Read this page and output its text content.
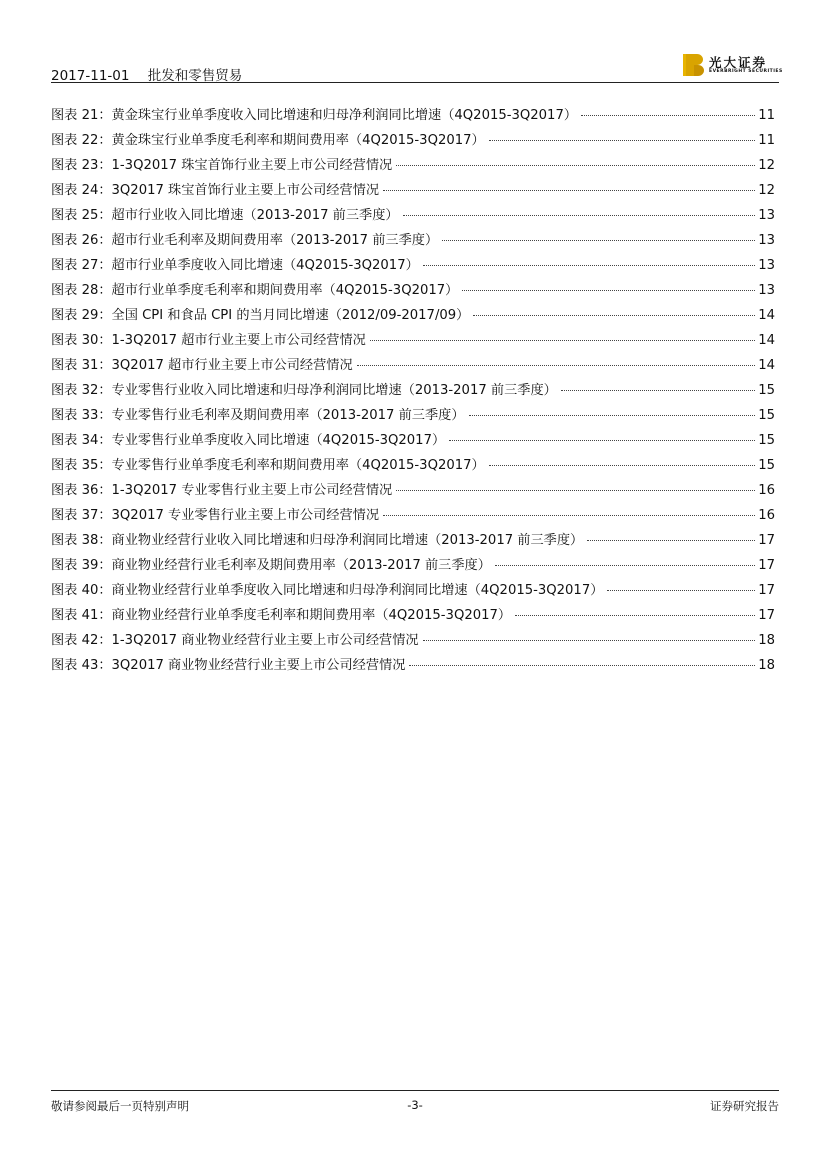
2017-11-01 批发和零售贸易
光大证券
EVERBRIGHT SECURITIES
图表 21：黄金珠宝行业单季度收入同比增速和归母净利润同比增速（4Q2015-3Q2017）	11
图表 22：黄金珠宝行业单季度毛利率和期间费用率（4Q2015-3Q2017）	11
图表 23：1-3Q2017 珠宝首饰行业主要上市公司经营情况	12
图表 24：3Q2017 珠宝首饰行业主要上市公司经营情况	12
图表 25：超市行业收入同比增速（2013-2017 前三季度）	13
图表 26：超市行业毛利率及期间费用率（2013-2017 前三季度）	13
图表 27：超市行业单季度收入同比增速（4Q2015-3Q2017）	13
图表 28：超市行业单季度毛利率和期间费用率（4Q2015-3Q2017）	13
图表 29：全国 CPI 和食品 CPI 的当月同比增速（2012/09-2017/09）	14
图表 30：1-3Q2017 超市行业主要上市公司经营情况	14
图表 31：3Q2017 超市行业主要上市公司经营情况	14
图表 32：专业零售行业收入同比增速和归母净利润同比增速（2013-2017 前三季度）	15
图表 33：专业零售行业毛利率及期间费用率（2013-2017 前三季度）	15
图表 34：专业零售行业单季度收入同比增速（4Q2015-3Q2017）	15
图表 35：专业零售行业单季度毛利率和期间费用率（4Q2015-3Q2017）	15
图表 36：1-3Q2017 专业零售行业主要上市公司经营情况	16
图表 37：3Q2017 专业零售行业主要上市公司经营情况	16
图表 38：商业物业经营行业收入同比增速和归母净利润同比增速（2013-2017 前三季度）	17
图表 39：商业物业经营行业毛利率及期间费用率（2013-2017 前三季度）	17
图表 40：商业物业经营行业单季度收入同比增速和归母净利润同比增速（4Q2015-3Q2017）	17
图表 41：商业物业经营行业单季度毛利率和期间费用率（4Q2015-3Q2017）	17
图表 42：1-3Q2017 商业物业经营行业主要上市公司经营情况	18
图表 43：3Q2017 商业物业经营行业主要上市公司经营情况	18
敬请参阅最后一页特别声明	-3-	证券研究报告
